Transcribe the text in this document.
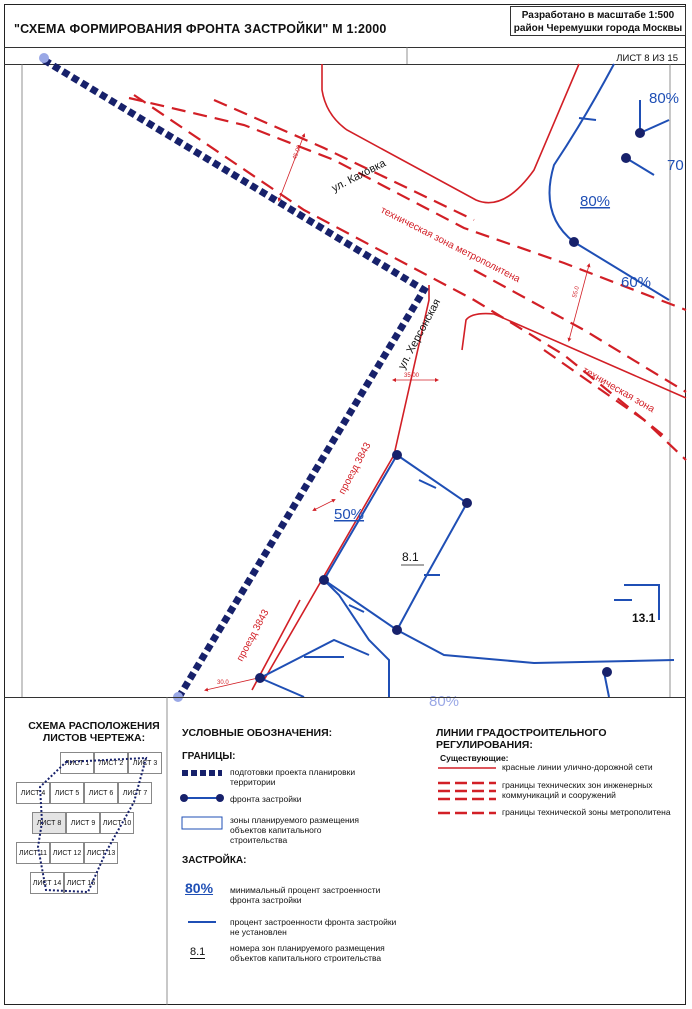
"СХЕМА ФОРМИРОВАНИЯ ФРОНТА ЗАСТРОЙКИ" М 1:2000
Разработано в масштабе 1:500
район Черемушки города Москвы
ЛИСТ 8 ИЗ 15
ул. Каховка
ул. Херсонская
техническая зона метрополитена
техническая зона
проезд 3843
проезд 3843
45.00
55.0
35.00
30.0
80%
70
80%
60%
50%
80%
8.1
13.1
СХЕМА РАСПОЛОЖЕНИЯ
ЛИСТОВ ЧЕРТЕЖА:
ЛИСТ 1	ЛИСТ 2	ЛИСТ 3
ЛИСТ 4	ЛИСТ 5	ЛИСТ 6	ЛИСТ 7
ЛИСТ 8	ЛИСТ 9	ЛИСТ 10
ЛИСТ 11 ЛИСТ 12 ЛИСТ 13
ЛИСТ 14 ЛИСТ 15
УСЛОВНЫЕ ОБОЗНАЧЕНИЯ:
ГРАНИЦЫ:
подготовки проекта планировки территории
фронта застройки
зоны планируемого размещения объектов капитального строительства
ЗАСТРОЙКА:
80% минимальный процент застроенности фронта застройки
процент застроенности фронта застройки не установлен
8.1	номера зон планируемого размещения объектов капитального строительства
ЛИНИИ ГРАДОСТРОИТЕЛЬНОГО
РЕГУЛИРОВАНИЯ:
Существующие:
красные линии улично-дорожной сети
границы технических зон инженерных коммуникаций и сооружений
границы технической зоны метрополитена
